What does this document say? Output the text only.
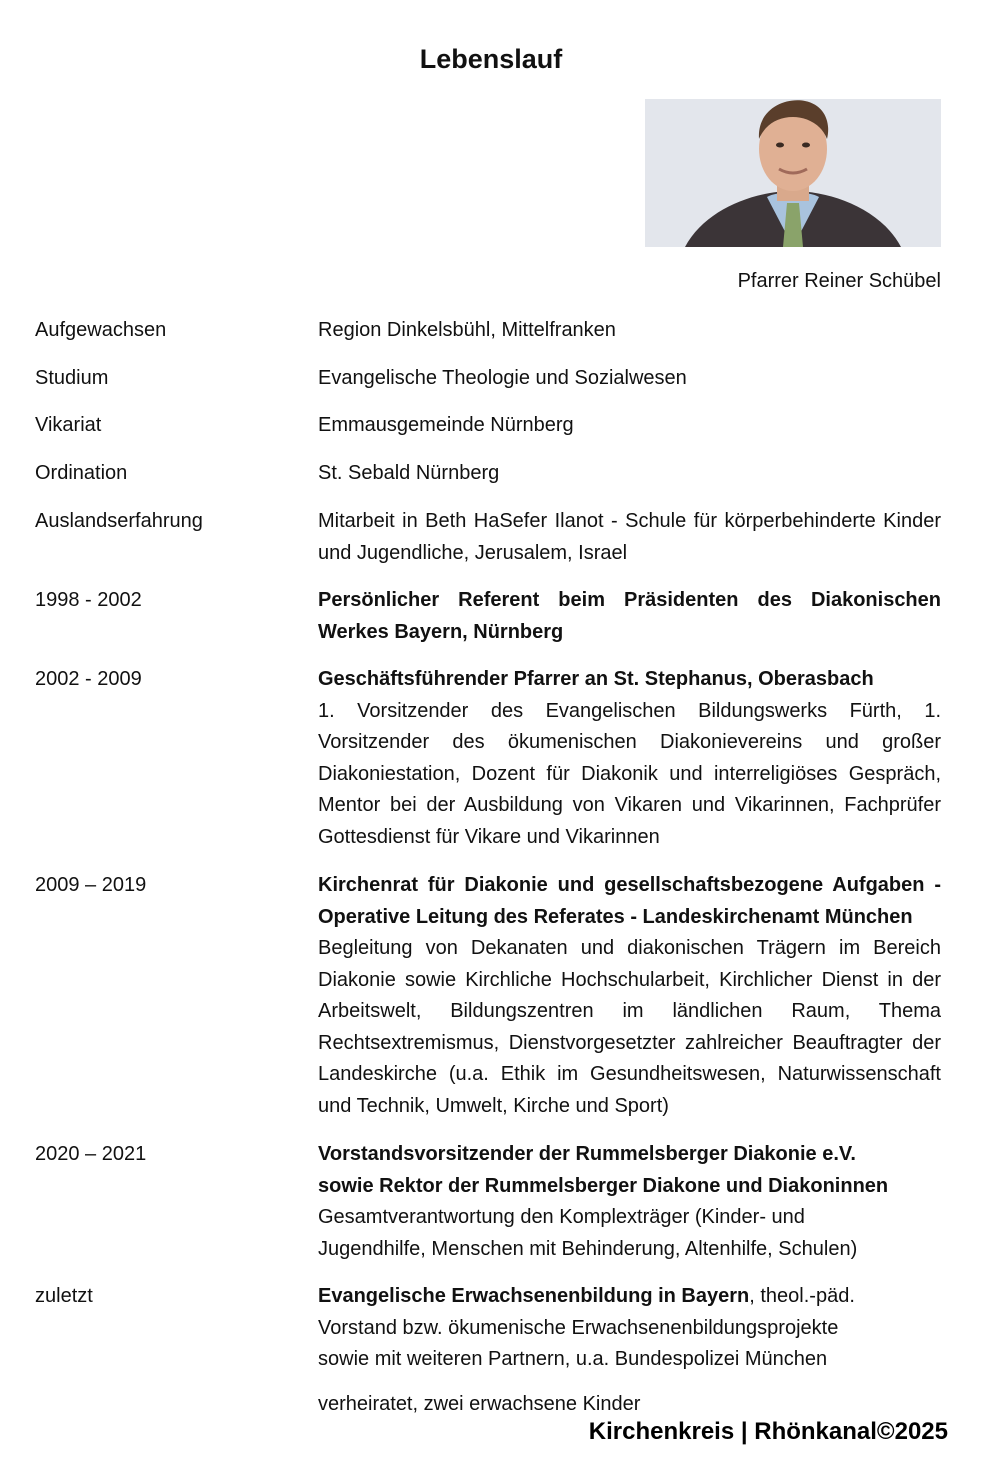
Lebenslauf
Pfarrer Reiner Schübel
Aufgewachsen	Region Dinkelsbühl, Mittelfranken
Studium	Evangelische Theologie und Sozialwesen
Vikariat	Emmausgemeinde Nürnberg
Ordination	St. Sebald Nürnberg
Auslandserfahrung	Mitarbeit in Beth HaSefer Ilanot - Schule für körperbehinderte Kinder und Jugendliche, Jerusalem, Israel
1998 - 2002	Persönlicher Referent beim Präsidenten des Diakonischen Werkes Bayern, Nürnberg
2002 - 2009	Geschäftsführender Pfarrer an St. Stephanus, Oberasbach
1. Vorsitzender des Evangelischen Bildungswerks Fürth, 1. Vorsitzender des ökumenischen Diakonievereins und großer Diakoniestation, Dozent für Diakonik und interreligiöses Gespräch, Mentor bei der Ausbildung von Vikaren und Vikarinnen, Fachprüfer Gottesdienst für Vikare und Vikarinnen
2009 – 2019	Kirchenrat für Diakonie und gesellschaftsbezogene Aufgaben - Operative Leitung des Referates - Landeskirchenamt München
Begleitung von Dekanaten und diakonischen Trägern im Bereich Diakonie sowie Kirchliche Hochschularbeit, Kirchlicher Dienst in der Arbeitswelt, Bildungszentren im ländlichen Raum, Thema Rechtsextremismus, Dienstvorgesetzter zahlreicher Beauftragter der Landeskirche (u.a. Ethik im Gesundheitswesen, Naturwissenschaft und Technik, Umwelt, Kirche und Sport)
2020 – 2021	Vorstandsvorsitzender der Rummelsberger Diakonie e.V.
sowie Rektor der Rummelsberger Diakone und Diakoninnen
Gesamtverantwortung den Komplexträger (Kinder- und
Jugendhilfe, Menschen mit Behinderung, Altenhilfe, Schulen)
zuletzt	Evangelische Erwachsenenbildung in Bayern, theol.-päd.
Vorstand bzw. ökumenische Erwachsenenbildungsprojekte
sowie mit weiteren Partnern, u.a. Bundespolizei München
verheiratet, zwei erwachsene Kinder
Kirchenkreis | Rhönkanal©2025
